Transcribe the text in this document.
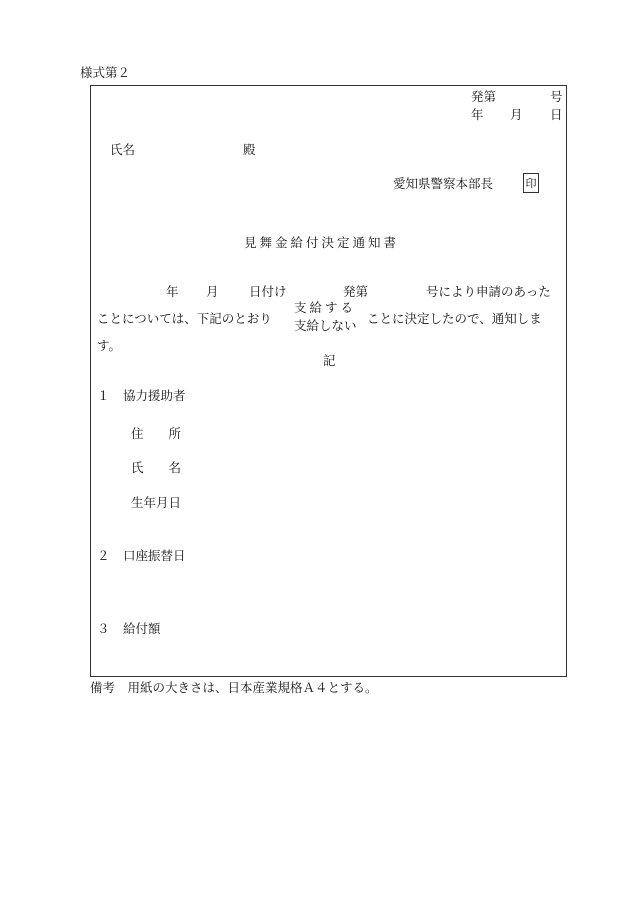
様式第２
発第	号
年 月 日
氏名	殿
愛知県警察本部長	印
見舞金給付決定通知書
年 月 日付け	発第	号により申請のあった
ことについては、下記のとおり
支給する
支給しない ことに決定したので、通知しま
す。
記
１ 協力援助者
住　　所
氏　　名
生年月日
２ 口座振替日
３ 給付額
備考　用紙の大きさは、日本産業規格Ａ４とする。
